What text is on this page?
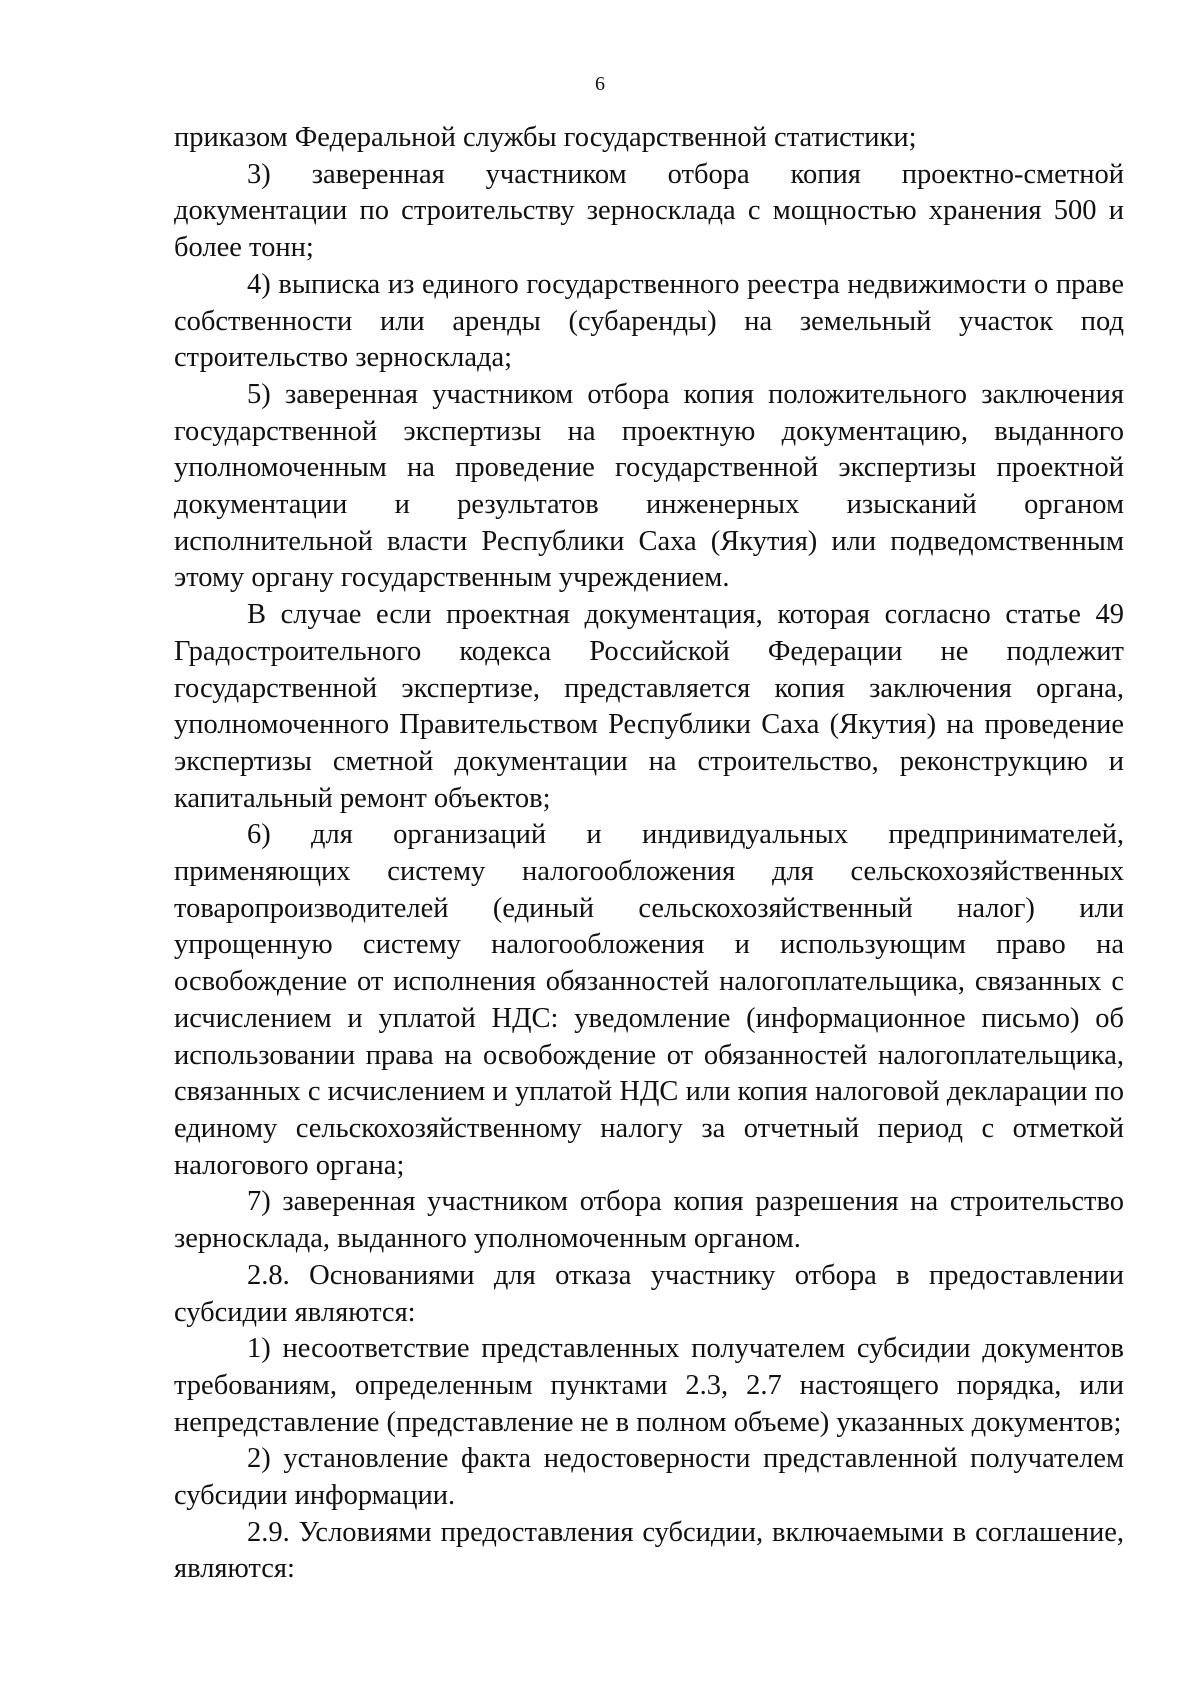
6

приказом Федеральной службы государственной статистики;

3) заверенная участником отбора копия проектно-сметной документации по строительству зерносклада с мощностью хранения 500 и более тонн;

4) выписка из единого государственного реестра недвижимости о праве собственности или аренды (субаренды) на земельный участок под строительство зерносклада;

5) заверенная участником отбора копия положительного заключения государственной экспертизы на проектную документацию, выданного уполномоченным на проведение государственной экспертизы проектной документации и результатов инженерных изысканий органом исполнительной власти Республики Саха (Якутия) или подведомственным этому органу государственным учреждением.

В случае если проектная документация, которая согласно статье 49 Градостроительного кодекса Российской Федерации не подлежит государственной экспертизе, представляется копия заключения органа, уполномоченного Правительством Республики Саха (Якутия) на проведение экспертизы сметной документации на строительство, реконструкцию и капитальный ремонт объектов;

6) для организаций и индивидуальных предпринимателей, применяющих систему налогообложения для сельскохозяйственных товаропроизводителей (единый сельскохозяйственный налог) или упрощенную систему налогообложения и использующим право на освобождение от исполнения обязанностей налогоплательщика, связанных с исчислением и уплатой НДС: уведомление (информационное письмо) об использовании права на освобождение от обязанностей налогоплательщика, связанных с исчислением и уплатой НДС или копия налоговой декларации по единому сельскохозяйственному налогу за отчетный период с отметкой налогового органа;

7) заверенная участником отбора копия разрешения на строительство зерносклада, выданного уполномоченным органом.

2.8. Основаниями для отказа участнику отбора в предоставлении субсидии являются:

1) несоответствие представленных получателем субсидии документов требованиям, определенным пунктами 2.3, 2.7 настоящего порядка, или непредставление (представление не в полном объеме) указанных документов;

2) установление факта недостоверности представленной получателем субсидии информации.

2.9. Условиями предоставления субсидии, включаемыми в соглашение, являются:
